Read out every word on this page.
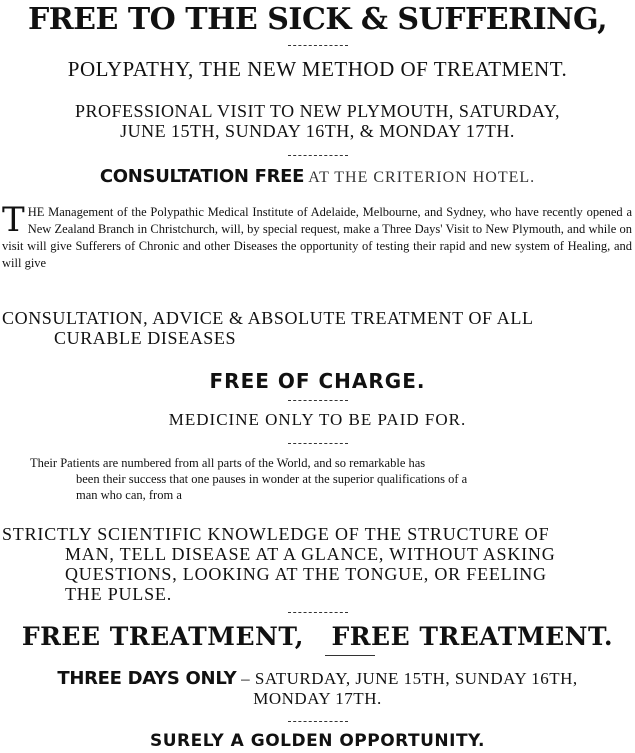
FREE TO THE SICK & SUFFERING,
POLYPATHY, THE NEW METHOD OF TREATMENT.
PROFESSIONAL VISIT TO NEW PLYMOUTH, SATURDAY,
JUNE 15TH, SUNDAY 16TH, & MONDAY 17TH.
CONSULTATION FREE AT THE CRITERION HOTEL.
THE Management of the Polypathic Medical Institute of Adelaide, Melbourne, and Sydney, who have recently opened a New Zealand Branch in Christchurch, will, by special request, make a Three Days' Visit to New Plymouth, and while on visit will give Sufferers of Chronic and other Diseases the opportunity of testing their rapid and new system of Healing, and will give
CONSULTATION, ADVICE & ABSOLUTE TREATMENT OF ALL
CURABLE DISEASES
FREE OF CHARGE.
MEDICINE ONLY TO BE PAID FOR.
Their Patients are numbered from all parts of the World, and so remarkable has
been their success that one pauses in wonder at the superior qualifications of a
man who can, from a
STRICTLY SCIENTIFIC KNOWLEDGE OF THE STRUCTURE OF
MAN, TELL DISEASE AT A GLANCE, WITHOUT ASKING
QUESTIONS, LOOKING AT THE TONGUE, OR FEELING
THE PULSE.
FREE TREATMENT,   FREE TREATMENT.
THREE DAYS ONLY – SATURDAY, JUNE 15TH, SUNDAY 16TH,
MONDAY 17TH.
SURELY A GOLDEN OPPORTUNITY.
